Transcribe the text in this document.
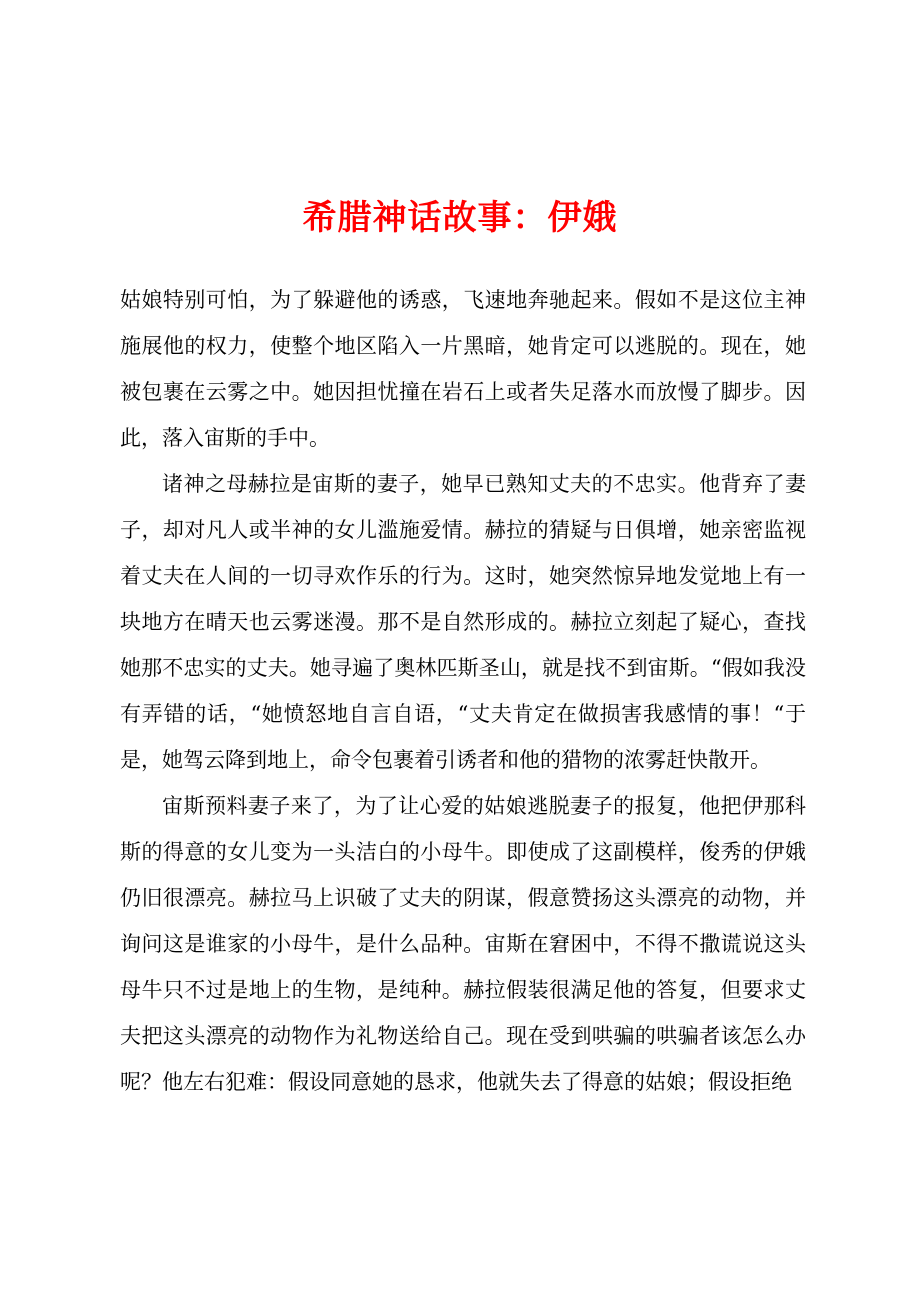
希腊神话故事：伊娥

姑娘特别可怕，为了躲避他的诱惑，飞速地奔驰起来。假如不是这位主神施展他的权力，使整个地区陷入一片黑暗，她肯定可以逃脱的。现在，她被包裹在云雾之中。她因担忧撞在岩石上或者失足落水而放慢了脚步。因此，落入宙斯的手中。

诸神之母赫拉是宙斯的妻子，她早已熟知丈夫的不忠实。他背弃了妻子，却对凡人或半神的女儿滥施爱情。赫拉的猜疑与日俱增，她亲密监视着丈夫在人间的一切寻欢作乐的行为。这时，她突然惊异地发觉地上有一块地方在晴天也云雾迷漫。那不是自然形成的。赫拉立刻起了疑心，查找她那不忠实的丈夫。她寻遍了奥林匹斯圣山，就是找不到宙斯。“假如我没有弄错的话，“她愤怒地自言自语，“丈夫肯定在做损害我感情的事！“于是，她驾云降到地上，命令包裹着引诱者和他的猎物的浓雾赶快散开。

宙斯预料妻子来了，为了让心爱的姑娘逃脱妻子的报复，他把伊那科斯的得意的女儿变为一头洁白的小母牛。即使成了这副模样，俊秀的伊娥仍旧很漂亮。赫拉马上识破了丈夫的阴谋，假意赞扬这头漂亮的动物，并询问这是谁家的小母牛，是什么品种。宙斯在窘困中，不得不撒谎说这头母牛只不过是地上的生物，是纯种。赫拉假装很满足他的答复，但要求丈夫把这头漂亮的动物作为礼物送给自己。现在受到哄骗的哄骗者该怎么办呢？他左右犯难：假设同意她的恳求，他就失去了得意的姑娘；假设拒绝
